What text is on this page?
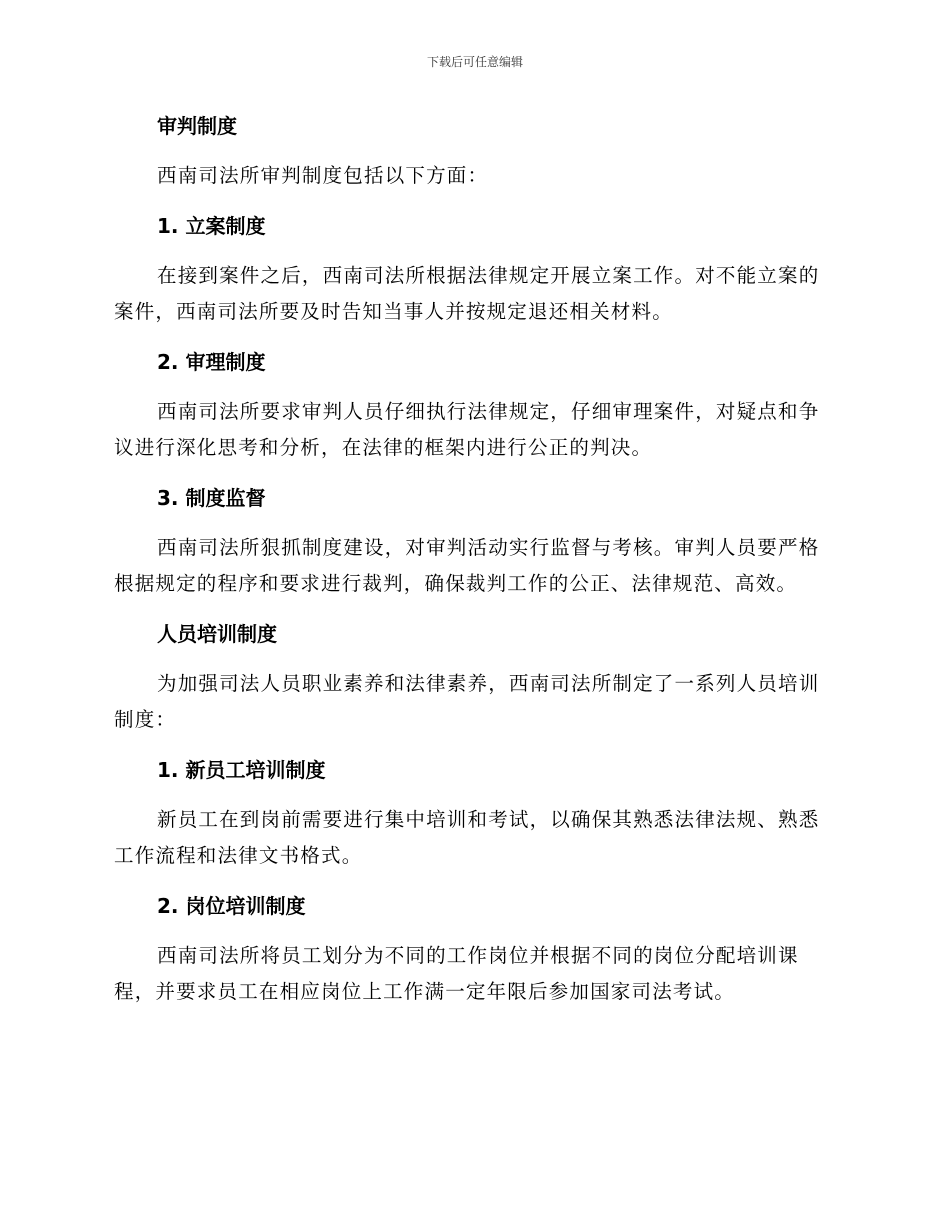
下载后可任意编辑
审判制度
西南司法所审判制度包括以下方面：
1. 立案制度
在接到案件之后，西南司法所根据法律规定开展立案工作。对不能立案的案件，西南司法所要及时告知当事人并按规定退还相关材料。
2. 审理制度
西南司法所要求审判人员仔细执行法律规定，仔细审理案件，对疑点和争议进行深化思考和分析，在法律的框架内进行公正的判决。
3. 制度监督
西南司法所狠抓制度建设，对审判活动实行监督与考核。审判人员要严格根据规定的程序和要求进行裁判，确保裁判工作的公正、法律规范、高效。
人员培训制度
为加强司法人员职业素养和法律素养，西南司法所制定了一系列人员培训制度：
1. 新员工培训制度
新员工在到岗前需要进行集中培训和考试，以确保其熟悉法律法规、熟悉工作流程和法律文书格式。
2. 岗位培训制度
西南司法所将员工划分为不同的工作岗位并根据不同的岗位分配培训课程，并要求员工在相应岗位上工作满一定年限后参加国家司法考试。
